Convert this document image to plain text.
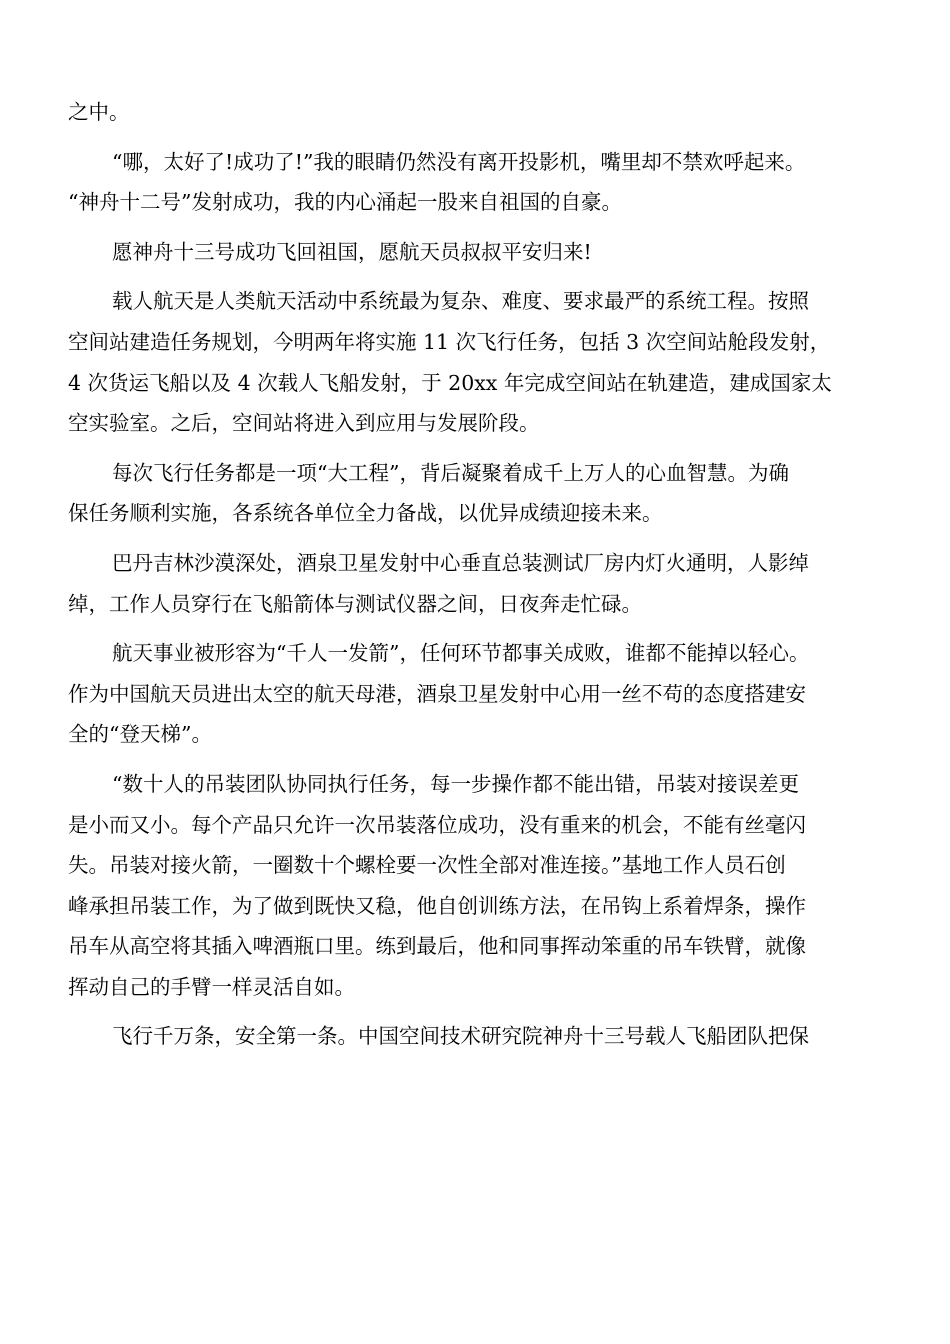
之中。
“哪，太好了!成功了!”我的眼睛仍然没有离开投影机，嘴里却不禁欢呼起来。
“神舟十二号”发射成功，我的内心涌起一股来自祖国的自豪。
愿神舟十三号成功飞回祖国，愿航天员叔叔平安归来!
载人航天是人类航天活动中系统最为复杂、难度、要求最严的系统工程。按照
空间站建造任务规划，今明两年将实施 11 次飞行任务，包括 3 次空间站舱段发射，
4 次货运飞船以及 4 次载人飞船发射，于 20xx 年完成空间站在轨建造，建成国家太
空实验室。之后，空间站将进入到应用与发展阶段。
每次飞行任务都是一项“大工程”，背后凝聚着成千上万人的心血智慧。为确
保任务顺利实施，各系统各单位全力备战，以优异成绩迎接未来。
巴丹吉林沙漠深处，酒泉卫星发射中心垂直总装测试厂房内灯火通明，人影绰
绰，工作人员穿行在飞船箭体与测试仪器之间，日夜奔走忙碌。
航天事业被形容为“千人一发箭”，任何环节都事关成败，谁都不能掉以轻心。
作为中国航天员进出太空的航天母港，酒泉卫星发射中心用一丝不苟的态度搭建安
全的“登天梯”。
“数十人的吊装团队协同执行任务，每一步操作都不能出错，吊装对接误差更
是小而又小。每个产品只允许一次吊装落位成功，没有重来的机会，不能有丝毫闪
失。吊装对接火箭，一圈数十个螺栓要一次性全部对准连接。”基地工作人员石创
峰承担吊装工作，为了做到既快又稳，他自创训练方法，在吊钩上系着焊条，操作
吊车从高空将其插入啤酒瓶口里。练到最后，他和同事挥动笨重的吊车铁臂，就像
挥动自己的手臂一样灵活自如。
飞行千万条，安全第一条。中国空间技术研究院神舟十三号载人飞船团队把保
